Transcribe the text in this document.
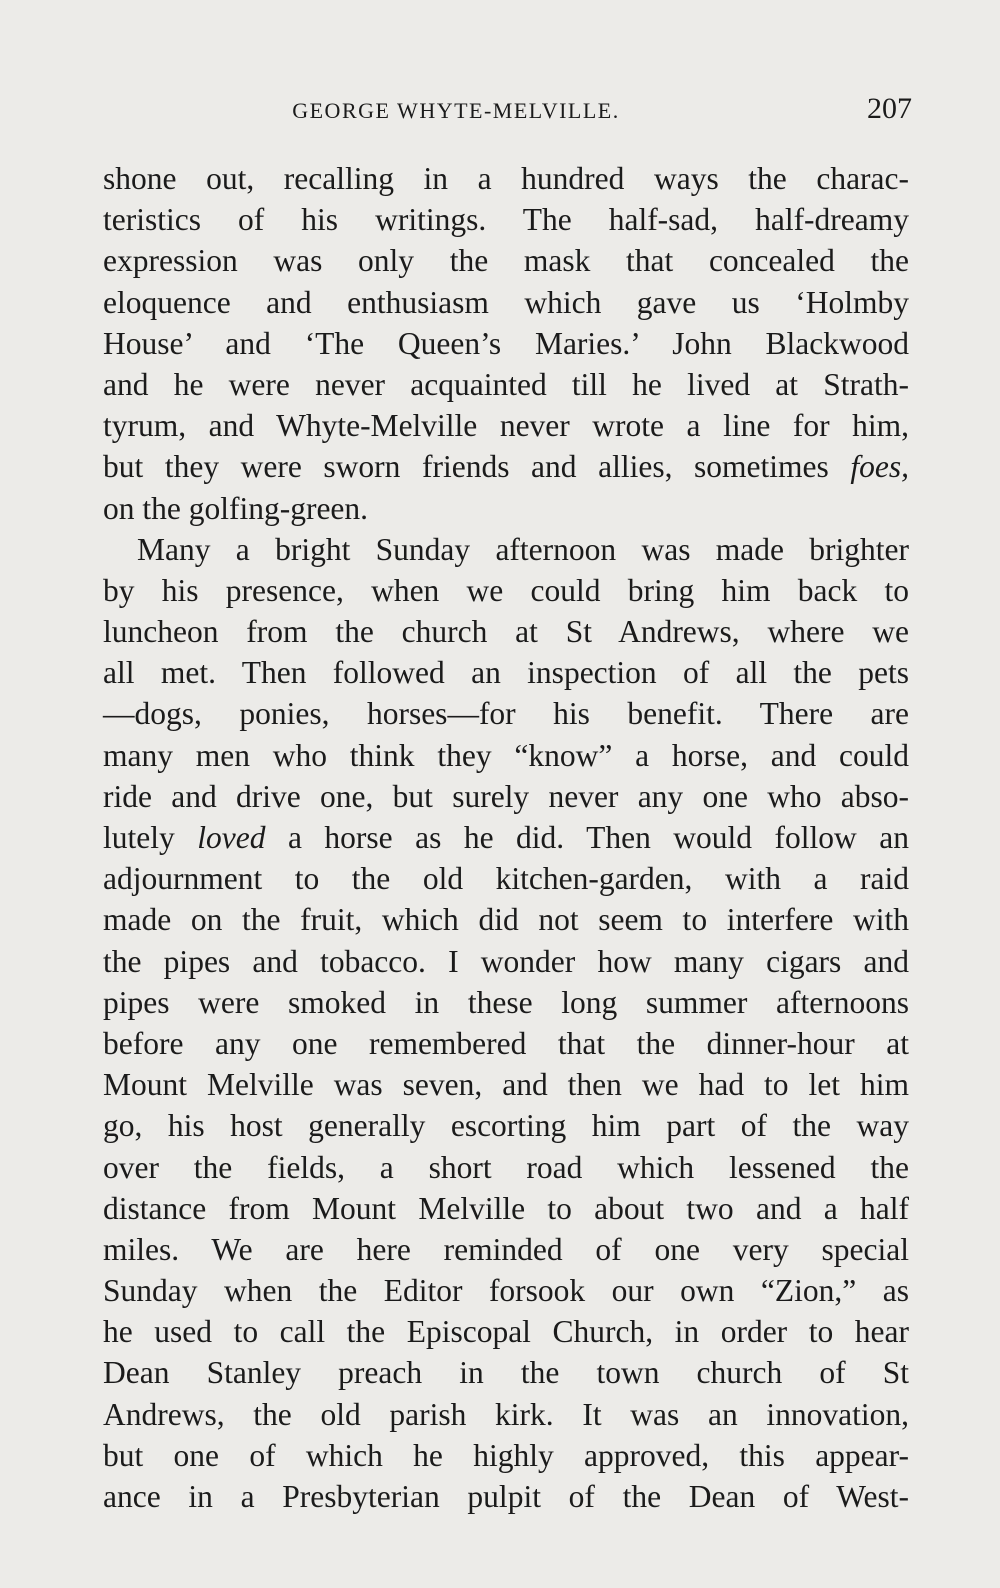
GEORGE WHYTE-MELVILLE.	207
shone out, recalling in a hundred ways the charac-
teristics of his writings. The half-sad, half-dreamy
expression was only the mask that concealed the
eloquence and enthusiasm which gave us ‘Holmby
House’ and ‘The Queen’s Maries.’ John Blackwood
and he were never acquainted till he lived at Strath-
tyrum, and Whyte-Melville never wrote a line for him,
but they were sworn friends and allies, sometimes foes,
on the golfing-green.
Many a bright Sunday afternoon was made brighter
by his presence, when we could bring him back to
luncheon from the church at St Andrews, where we
all met. Then followed an inspection of all the pets
—dogs, ponies, horses—for his benefit. There are
many men who think they “know” a horse, and could
ride and drive one, but surely never any one who abso-
lutely loved a horse as he did. Then would follow an
adjournment to the old kitchen-garden, with a raid
made on the fruit, which did not seem to interfere with
the pipes and tobacco. I wonder how many cigars and
pipes were smoked in these long summer afternoons
before any one remembered that the dinner-hour at
Mount Melville was seven, and then we had to let him
go, his host generally escorting him part of the way
over the fields, a short road which lessened the
distance from Mount Melville to about two and a half
miles. We are here reminded of one very special
Sunday when the Editor forsook our own “Zion,” as
he used to call the Episcopal Church, in order to hear
Dean Stanley preach in the town church of St
Andrews, the old parish kirk. It was an innovation,
but one of which he highly approved, this appear-
ance in a Presbyterian pulpit of the Dean of West-
